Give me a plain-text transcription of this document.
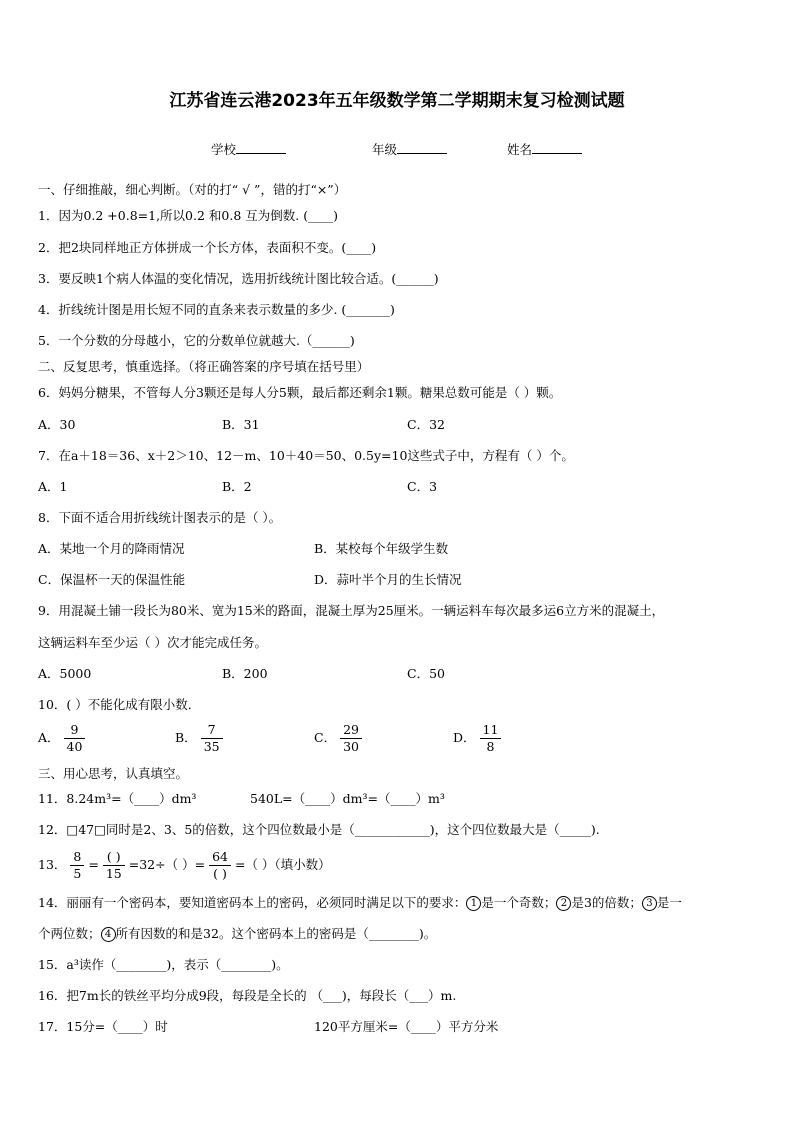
江苏省连云港2023年五年级数学第二学期期末复习检测试题
学校	年级	姓名
一、仔细推敲，细心判断。（对的打“ √ ”，错的打“×”）
1．因为0.2 +0.8=1,所以0.2 和0.8 互为倒数. (____)
2．把2块同样地正方体拼成一个长方体，表面积不变。(____)
3．要反映1个病人体温的变化情况，选用折线统计图比较合适。(______)
4．折线统计图是用长短不同的直条来表示数量的多少. (_______)
5．一个分数的分母越小，它的分数单位就越大.（______)
二、反复思考，慎重选择。（将正确答案的序号填在括号里）
6．妈妈分糖果，不管每人分3颗还是每人分5颗，最后都还剩余1颗。糖果总数可能是（ ）颗。
A．30	B．31	C．32
7．在a＋18＝36、x＋2＞10、12－m、10＋40＝50、0.5y=10这些式子中，方程有（ ）个。
A．1	B．2	C．3
8．下面不适合用折线统计图表示的是（ ）。
A．某地一个月的降雨情况	B．某校每个年级学生数
C．保温杯一天的保温性能	D．蒜叶半个月的生长情况
9．用混凝土铺一段长为80米、宽为15米的路面，混凝土厚为25厘米。一辆运料车每次最多运6立方米的混凝土，
这辆运料车至少运（ ）次才能完成任务。
A．5000	B．200	C．50
10．( ）不能化成有限小数．
A． $\frac{9}{40}$	B． $\frac{7}{35}$	C． $\frac{29}{30}$	D． $\frac{11}{8}$
三、用心思考，认真填空。
11．8.24m³=（____）dm³	540L=（____）dm³=（____）m³
12．□47□同时是2、3、5的倍数，这个四位数最小是（____________)，这个四位数最大是（_____).
13． $\frac{8}{5} = \frac{( )}{15} =32\div$（ ）= $\frac{64}{( )}$ =（ ）（填小数）
14．丽丽有一个密码本，要知道密码本上的密码，必须同时满足以下的要求： 1 是一个奇数； 2 是3的倍数； 3 是一
个两位数； 4 所有因数的和是32。这个密码本上的密码是（________)。
15．a³读作（________)，表示（________)。
16．把7m长的铁丝平均分成9段，每段是全长的 （___)，每段长（___）m.
17．15分=（____）时	120平方厘米=（____）平方分米
